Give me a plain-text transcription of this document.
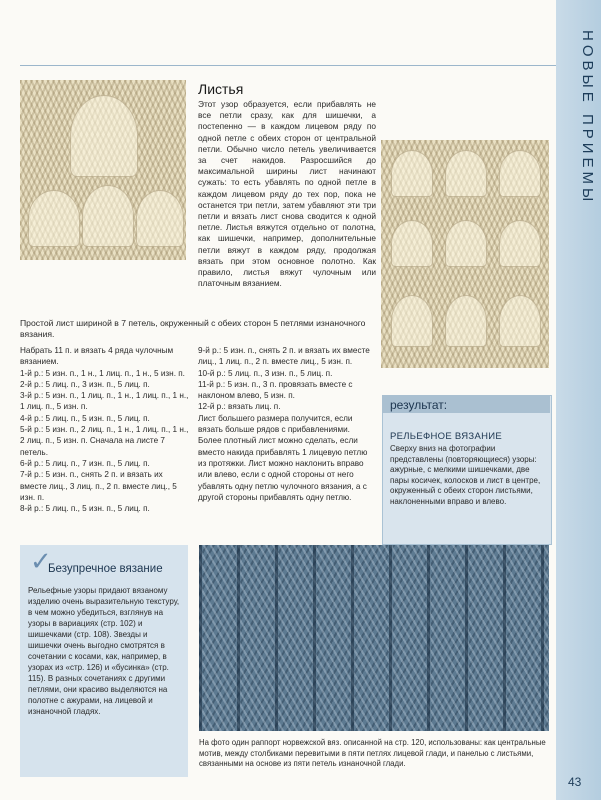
НОВЫЕ ПРИЕМЫ
Листья
Этот узор образуется, если прибавлять не все петли сразу, как для шишечки, а постепенно — в каждом лицевом ряду по одной петле с обеих сторон от центральной петли. Обычно число петель увеличивается за счет накидов. Разросшийся до максимальной ширины лист начинают сужать: то есть убавлять по одной петле в каждом лицевом ряду до тех пор, пока не останется три петли, затем убавляют эти три петли и вязать лист снова сводится к одной петле. Листья вяжутся отдельно от полотна, как шишечки, например, дополнительные петли вяжут в каждом ряду, продолжая вязать при этом основное полотно. Как правило, листья вяжут чулочным или платочным вязанием.
Простой лист шириной в 7 петель, окруженный с обеих сторон 5 петлями изнаночного вязания.

Набрать 11 п. и вязать 4 ряда чулочным вязанием.

1-й р.: 5 изн. п., 1 н., 1 лиц. п., 1 н., 5 изн. п.

2-й р.: 5 лиц. п., 3 изн. п., 5 лиц. п.

3-й р.: 5 изн. п., 1 лиц. п., 1 н., 1 лиц. п., 1 н., 1 лиц. п., 5 изн. п.

4-й р.: 5 лиц. п., 5 изн. п., 5 лиц. п.

5-й р.: 5 изн. п., 2 лиц. п., 1 н., 1 лиц. п., 1 н., 2 лиц. п., 5 изн. п. Сначала на листе 7 петель.

6-й р.: 5 лиц. п., 7 изн. п., 5 лиц. п.

7-й р.: 5 изн. п., снять 2 п. и вязать их вместе лиц., 3 лиц. п., 2 п. вместе лиц., 5 изн. п.

8-й р.: 5 лиц. п., 5 изн. п., 5 лиц. п.

9-й р.: 5 изн. п., снять 2 п. и вязать их вместе лиц., 1 лиц. п., 2 п. вместе лиц., 5 изн. п.

10-й р.: 5 лиц. п., 3 изн. п., 5 лиц. п.

11-й р.: 5 изн. п., 3 п. провязать вместе с наклоном влево, 5 изн. п.

12-й р.: вязать лиц. п.

Лист большего размера получится, если вязать больше рядов с прибавлениями. Более плотный лист можно сделать, если вместо накида прибавлять 1 лицевую петлю из протяжки. Лист можно наклонить вправо или влево, если с одной стороны от него убавлять одну петлю чулочного вязания, а с другой стороны прибавлять одну петлю.

результат:
РЕЛЬЕФНОЕ ВЯЗАНИЕ
Сверху вниз на фотографии представлены (повторяющиеся) узоры: ажурные, с мелкими шишечками, две пары косичек, колосков и лист в центре, окруженный с обеих сторон листьями, наклоненными вправо и влево.
✓
Безупречное вязание
Рельефные узоры придают вязаному изделию очень выразительную текстуру, в чем можно убедиться, взглянув на узоры в вариациях (стр. 102) и шишечками (стр. 108). Звезды и шишечки очень выгодно смотрятся в сочетании с косами, как, например, в узорах из «стр. 126) и «бусинка» (стр. 115). В разных сочетаниях с другими петлями, они красиво выделяются на полотне с ажурами, на лицевой и изнаночной гладях.
На фото один раппорт норвежской вяз. описанной на стр. 120, использованы: как центральные мотив, между столбиками перевитыми в пяти петлях лицевой глади, и панелью с листьями, связанными на основе из пяти петель изнаночной глади.
43
